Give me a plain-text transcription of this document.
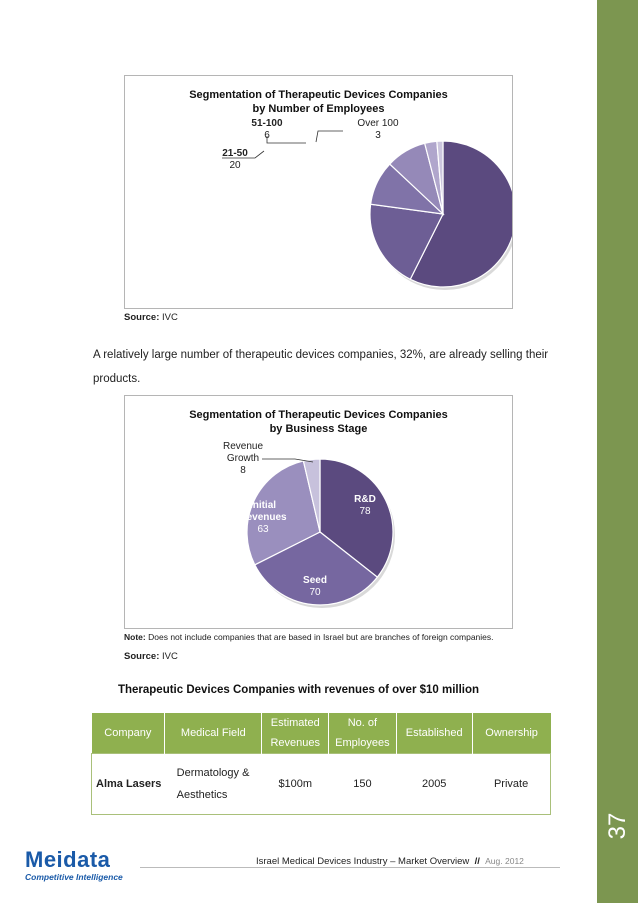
37
Segmentation of Therapeutic Devices Companies by Number of Employees
1-5 128
6-10 44
11-20 22
21-50 20
51-100 6
Over 100 3
Source: IVC
A relatively large number of therapeutic devices companies, 32%, are already selling their products.
Segmentation of Therapeutic Devices Companies by Business Stage
R&D 78
Seed 70
Initial Revenues 63
Revenue Growth 8
Note: Does not include companies that are based in Israel but are branches of foreign companies.
Source: IVC
Therapeutic Devices Companies with revenues of over $10 million
Company	Medical Field	Estimated Revenues	No. of Employees	Established	Ownership
Alma Lasers	Dermatology & Aesthetics	$100m	150	2005	Private
Meidata
Competitive Intelligence
Israel Medical Devices Industry – Market Overview // Aug. 2012
